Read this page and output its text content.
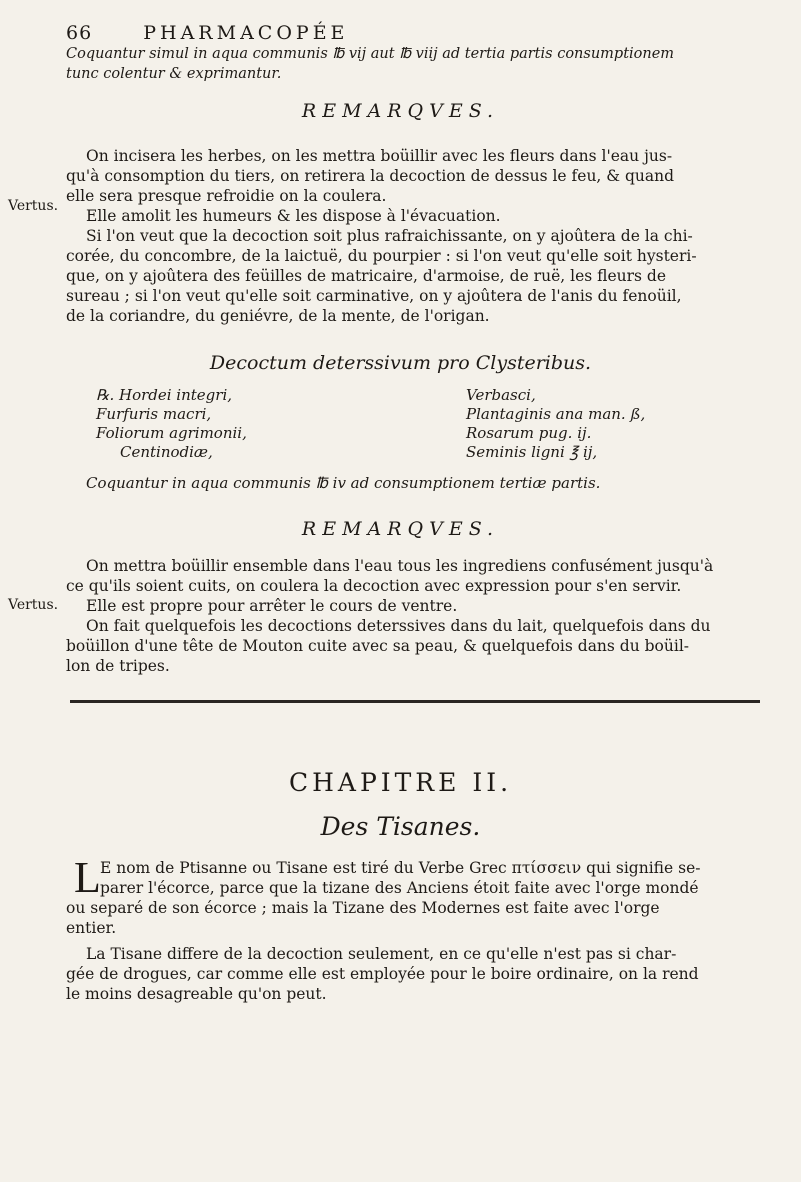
66	PHARMACOPÉE
Coquantur simul in aqua communis ℔ vij aut ℔ viij ad tertia partis consumptionem
tunc colentur & exprimantur.
REMARQVES.
Vertus.
On incisera les herbes, on les mettra boüillir avec les fleurs dans l'eau jus-
qu'à consomption du tiers, on retirera la decoction de dessus le feu, & quand
elle sera presque refroidie on la coulera.
Elle amolit les humeurs & les dispose à l'évacuation.
Si l'on veut que la decoction soit plus rafraichissante, on y ajoûtera de la chi-
corée, du concombre, de la laictuë, du pourpier : si l'on veut qu'elle soit hysteri-
que, on y ajoûtera des feüilles de matricaire, d'armoise, de ruë, les fleurs de
sureau ; si l'on veut qu'elle soit carminative, on y ajoûtera de l'anis du fenoüil,
de la coriandre, du geniévre, de la mente, de l'origan.
Decoctum deterssivum pro Clysteribus.
℞. Hordei integri,
Furfuris macri,
Foliorum agrimonii,
Centinodiæ,
Verbasci,
Plantaginis ana man. ß,
Rosarum pug. ij.
Seminis ligni ℥ ij,
Coquantur in aqua communis ℔ iv ad consumptionem tertiæ partis.
REMARQVES.
Vertus.
On mettra boüillir ensemble dans l'eau tous les ingrediens confusément jusqu'à
ce qu'ils soient cuits, on coulera la decoction avec expression pour s'en servir.
Elle est propre pour arrêter le cours de ventre.
On fait quelquefois les decoctions deterssives dans du lait, quelquefois dans du
boüillon d'une tête de Mouton cuite avec sa peau, & quelquefois dans du boüil-
lon de tripes.
CHAPITRE II.
Des Tisanes.
L E nom de Ptisanne ou Tisane est tiré du Verbe Grec πτίσσειν qui signifie se-
parer l'écorce, parce que la tizane des Anciens étoit faite avec l'orge mondé
ou separé de son écorce ; mais la Tizane des Modernes est faite avec l'orge
entier.
La Tisane differe de la decoction seulement, en ce qu'elle n'est pas si char-
gée de drogues, car comme elle est employée pour le boire ordinaire, on la rend
le moins desagreable qu'on peut.
